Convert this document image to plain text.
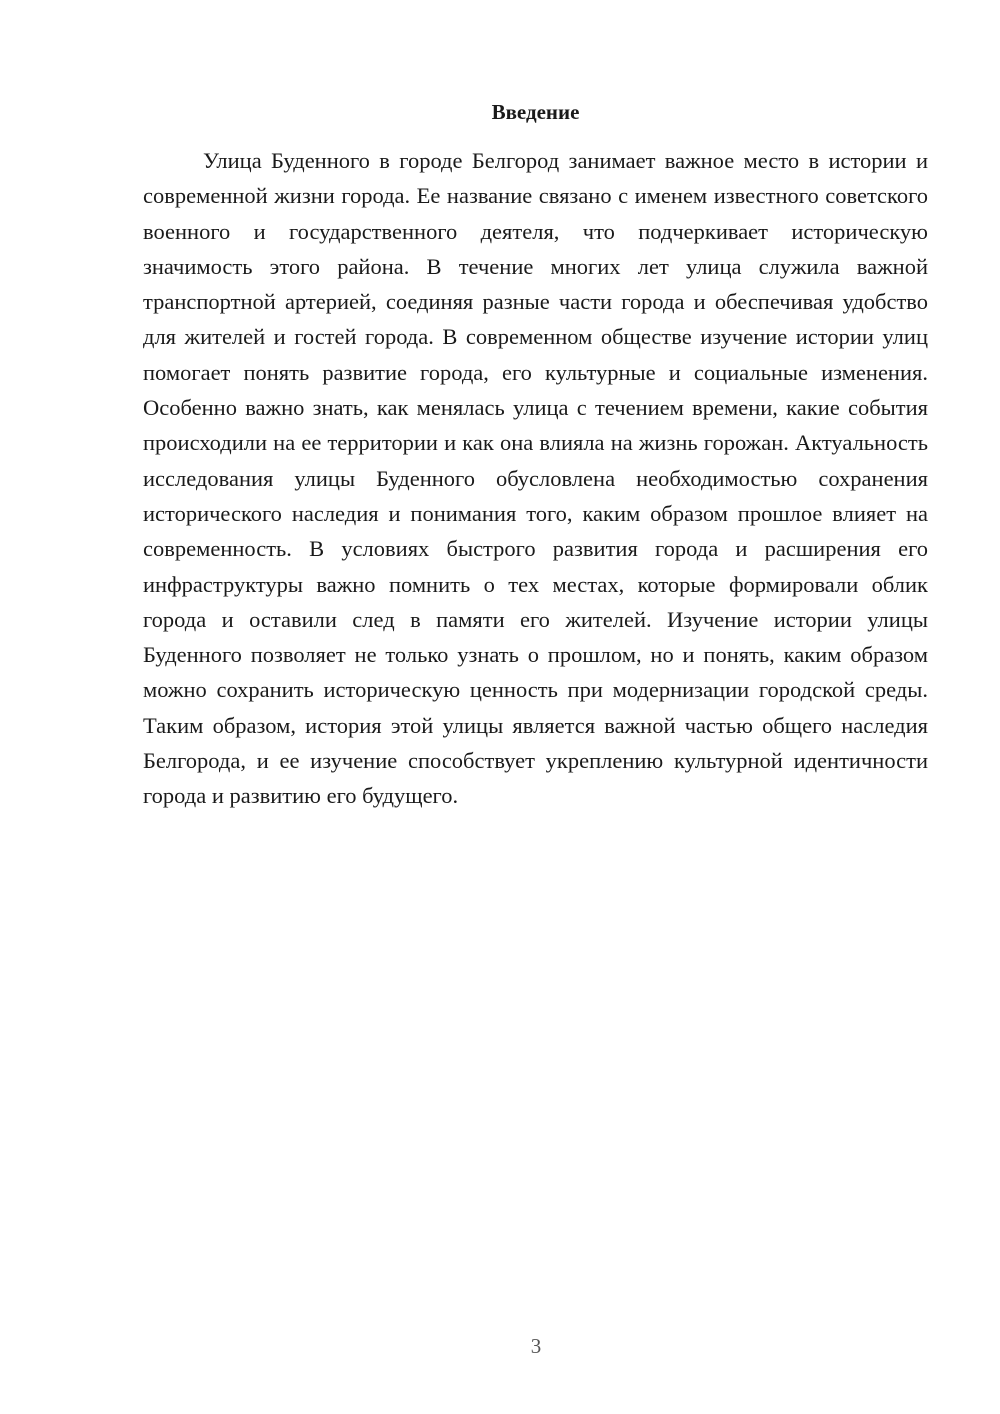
Введение

Улица Буденного в городе Белгород занимает важное место в истории и современной жизни города. Ее название связано с именем известного советского военного и государственного деятеля, что подчеркивает историческую значимость этого района. В течение многих лет улица служила важной транспортной артерией, соединяя разные части города и обеспечивая удобство для жителей и гостей города. В современном обществе изучение истории улиц помогает понять развитие города, его культурные и социальные изменения. Особенно важно знать, как менялась улица с течением времени, какие события происходили на ее территории и как она влияла на жизнь горожан. Актуальность исследования улицы Буденного обусловлена необходимостью сохранения исторического наследия и понимания того, каким образом прошлое влияет на современность. В условиях быстрого развития города и расширения его инфраструктуры важно помнить о тех местах, которые формировали облик города и оставили след в памяти его жителей. Изучение истории улицы Буденного позволяет не только узнать о прошлом, но и понять, каким образом можно сохранить историческую ценность при модернизации городской среды. Таким образом, история этой улицы является важной частью общего наследия Белгорода, и ее изучение способствует укреплению культурной идентичности города и развитию его будущего.

3
